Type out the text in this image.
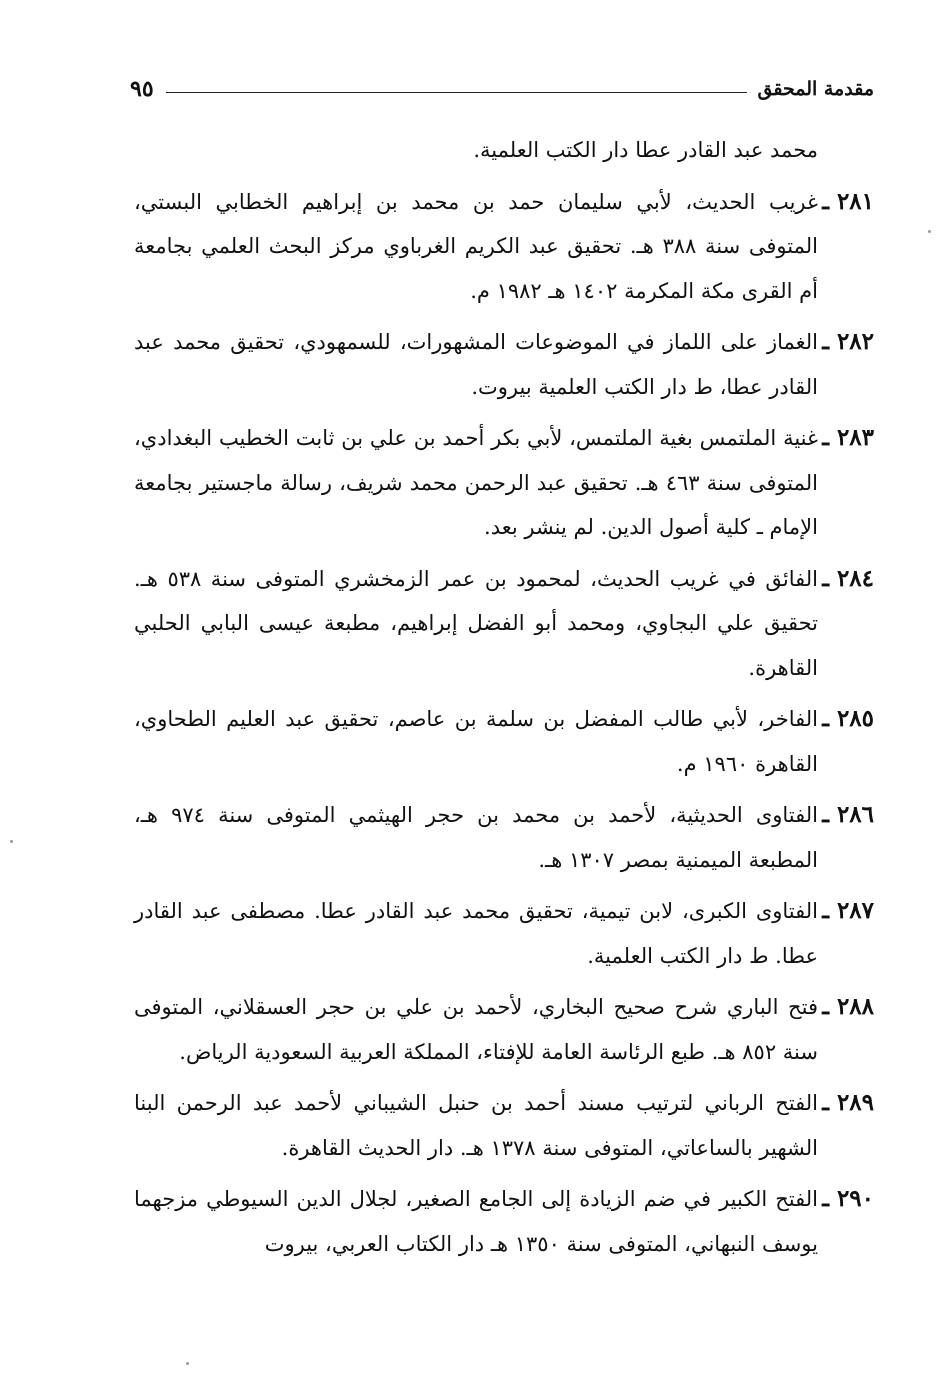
مقدمة المحقق
٩٥
محمد عبد القادر عطا دار الكتب العلمية.
٢٨١ ـ
غريب الحديث، لأبي سليمان حمد بن محمد بن إبراهيم الخطابي البستي، المتوفى سنة ٣٨٨ هـ. تحقيق عبد الكريم الغرباوي مركز البحث العلمي بجامعة أم القرى مكة المكرمة ١٤٠٢ هـ ١٩٨٢ م.
٢٨٢ ـ
الغماز على اللماز في الموضوعات المشهورات، للسمهودي، تحقيق محمد عبد القادر عطا، ط دار الكتب العلمية بيروت.
٢٨٣ ـ
غنية الملتمس بغية الملتمس، لأبي بكر أحمد بن علي بن ثابت الخطيب البغدادي، المتوفى سنة ٤٦٣ هـ. تحقيق عبد الرحمن محمد شريف، رسالة ماجستير بجامعة الإمام ـ كلية أصول الدين. لم ينشر بعد.
٢٨٤ ـ
الفائق في غريب الحديث، لمحمود بن عمر الزمخشري المتوفى سنة ٥٣٨ هـ. تحقيق علي البجاوي، ومحمد أبو الفضل إبراهيم، مطبعة عيسى البابي الحلبي القاهرة.
٢٨٥ ـ
الفاخر، لأبي طالب المفضل بن سلمة بن عاصم، تحقيق عبد العليم الطحاوي، القاهرة ١٩٦٠ م.
٢٨٦ ـ
الفتاوى الحديثية، لأحمد بن محمد بن حجر الهيثمي المتوفى سنة ٩٧٤ هـ، المطبعة الميمنية بمصر ١٣٠٧ هـ.
٢٨٧ ـ
الفتاوى الكبرى، لابن تيمية، تحقيق محمد عبد القادر عطا. مصطفى عبد القادر عطا. ط دار الكتب العلمية.
٢٨٨ ـ
فتح الباري شرح صحيح البخاري، لأحمد بن علي بن حجر العسقلاني، المتوفى سنة ٨٥٢ هـ. طبع الرئاسة العامة للإفتاء، المملكة العربية السعودية الرياض.
٢٨٩ ـ
الفتح الرباني لترتيب مسند أحمد بن حنبل الشيباني لأحمد عبد الرحمن البنا الشهير بالساعاتي، المتوفى سنة ١٣٧٨ هـ. دار الحديث القاهرة.
٢٩٠ ـ
الفتح الكبير في ضم الزيادة إلى الجامع الصغير، لجلال الدين السيوطي مزجهما يوسف النبهاني، المتوفى سنة ١٣٥٠ هـ دار الكتاب العربي، بيروت
